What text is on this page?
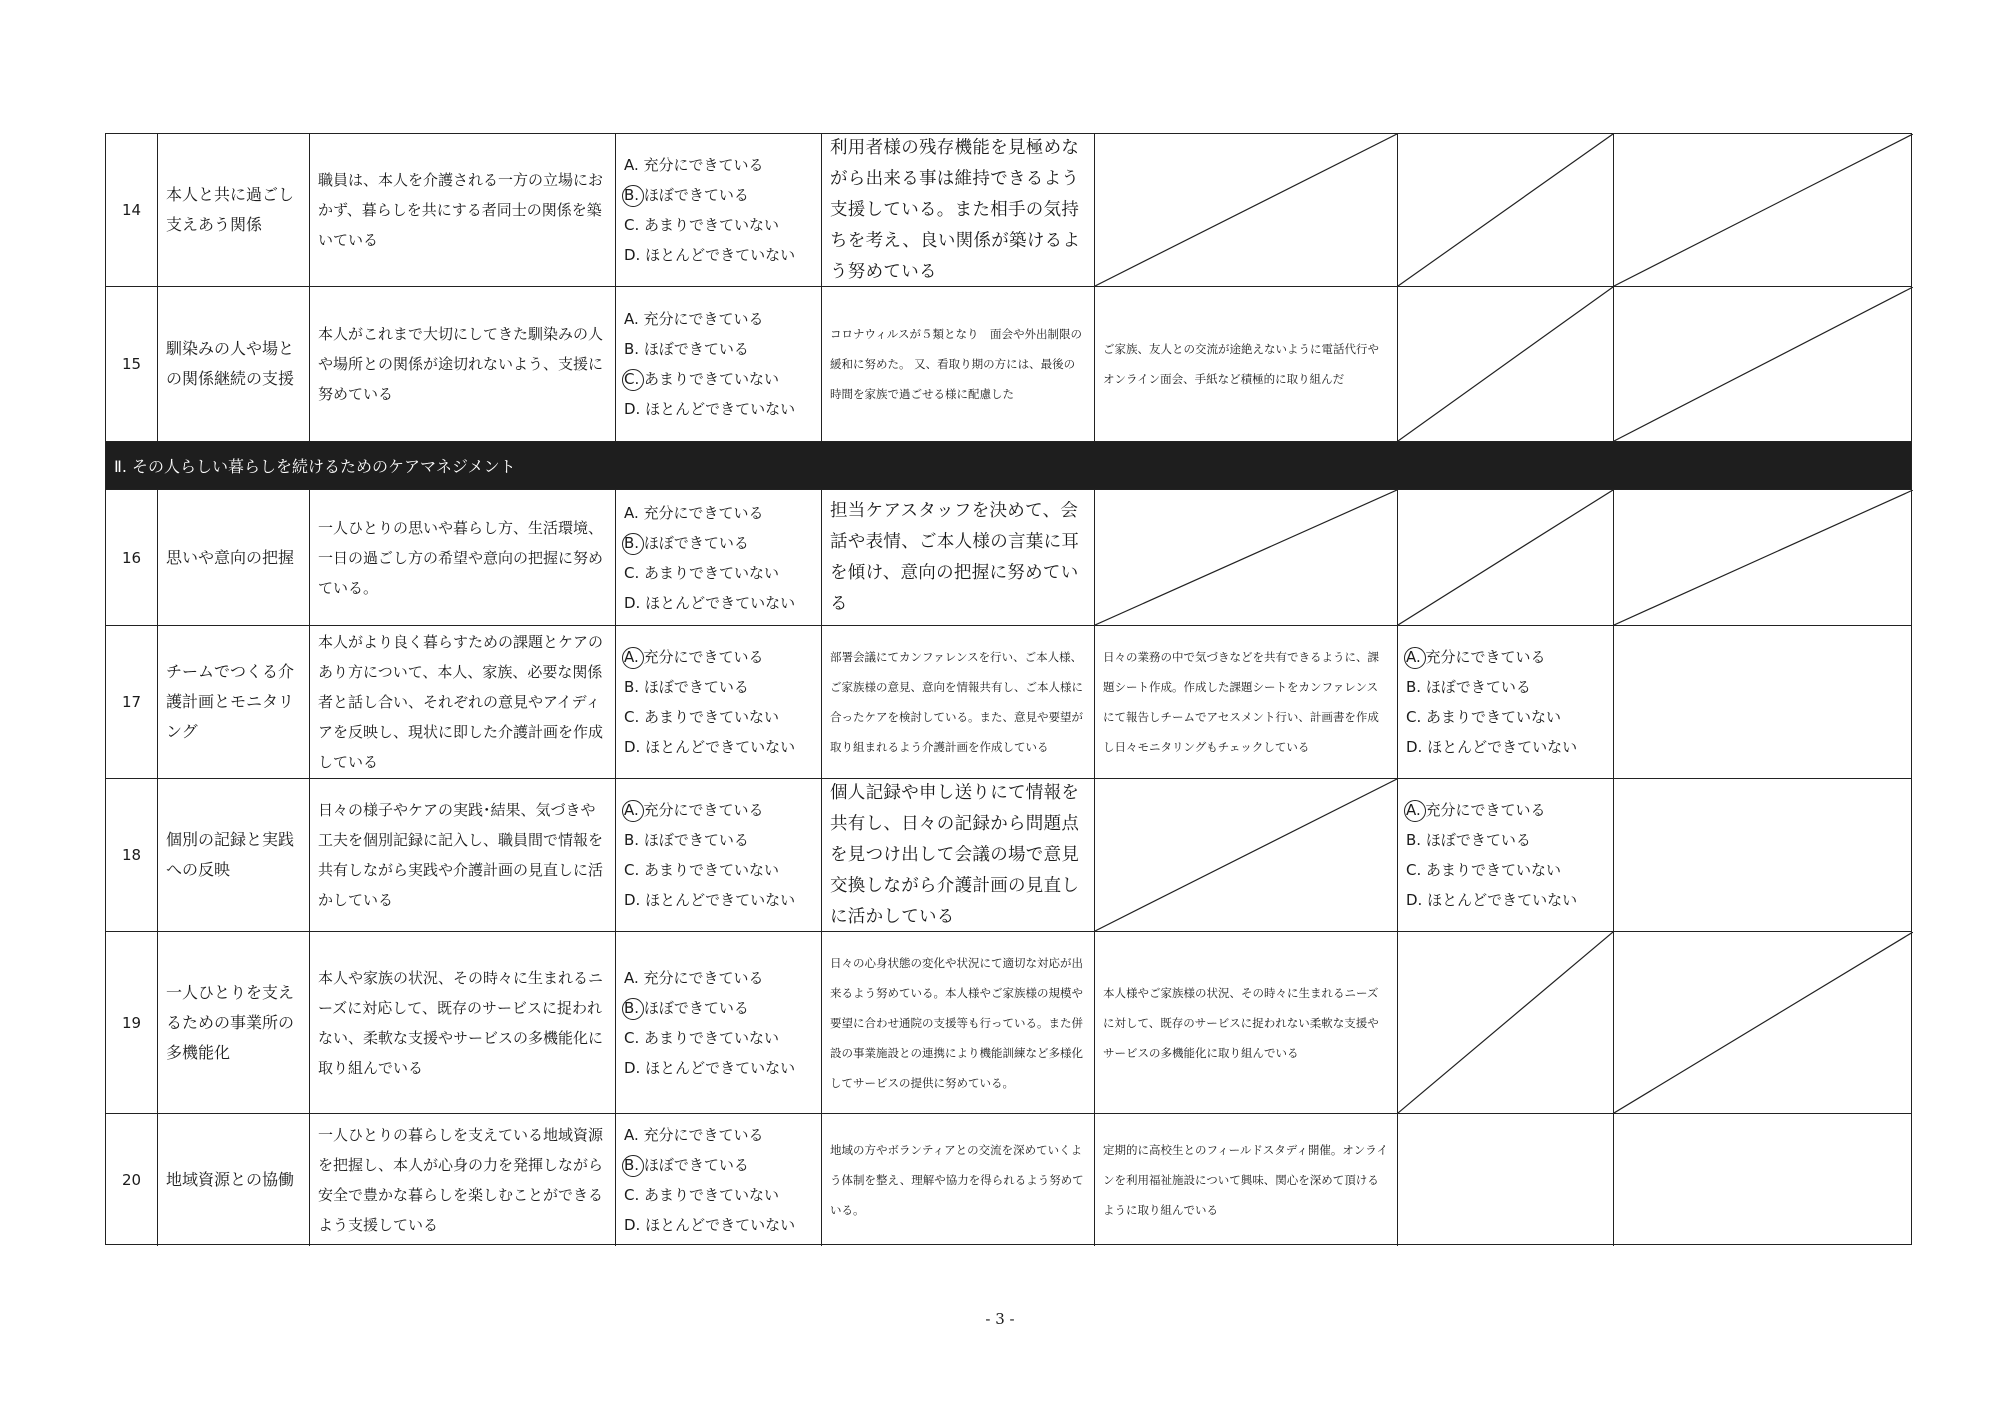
14
本人と共に過ごし支えあう関係
職員は、本人を介護される一方の立場におかず、暮らしを共にする者同士の関係を築いている
A. 充分にできている
B. ほぼできている
C. あまりできていない
D. ほとんどできていない
利用者様の残存機能を見極めながら出来る事は維持できるよう支援している。また相手の気持ちを考え、良い関係が築けるよう努めている
15
馴染みの人や場との関係継続の支援
本人がこれまで大切にしてきた馴染みの人や場所との関係が途切れないよう、支援に努めている
A. 充分にできている
B. ほぼできている
C. あまりできていない
D. ほとんどできていない
コロナウィルスが５類となり　面会や外出制限の緩和に努めた。 又、看取り期の方には、最後の時間を家族で過ごせる様に配慮した
ご家族、友人との交流が途絶えないように電話代行やオンライン面会、手紙など積極的に取り組んだ
Ⅱ. その人らしい暮らしを続けるためのケアマネジメント
16	思いや意向の把握
一人ひとりの思いや暮らし方、生活環境、一日の過ごし方の希望や意向の把握に努めている。
A. 充分にできている
B. ほぼできている
C. あまりできていない
D. ほとんどできていない
担当ケアスタッフを決めて、会話や表情、ご本人様の言葉に耳を傾け、意向の把握に努めている
17
チームでつくる介護計画とモニタリング
本人がより良く暮らすための課題とケアのあり方について、本人、家族、必要な関係者と話し合い、それぞれの意見やアイディアを反映し、現状に即した介護計画を作成している
A. 充分にできている
B. ほぼできている
C. あまりできていない
D. ほとんどできていない
部署会議にてカンファレンスを行い、ご本人様、ご家族様の意見、意向を情報共有し、ご本人様に合ったケアを検討している。また、意見や要望が取り組まれるよう介護計画を作成している
日々の業務の中で気づきなどを共有できるように、課題シート作成。作成した課題シートをカンファレンスにて報告しチームでアセスメント行い、計画書を作成し日々モニタリングもチェックしている
A. 充分にできている
B. ほぼできている
C. あまりできていない
D. ほとんどできていない
18
個別の記録と実践への反映
日々の様子やケアの実践･結果、気づきや工夫を個別記録に記入し、職員間で情報を共有しながら実践や介護計画の見直しに活かしている
A. 充分にできている
B. ほぼできている
C. あまりできていない
D. ほとんどできていない
個人記録や申し送りにて情報を共有し、日々の記録から問題点を見つけ出して会議の場で意見交換しながら介護計画の見直しに活かしている
A. 充分にできている
B. ほぼできている
C. あまりできていない
D. ほとんどできていない
19
一人ひとりを支えるための事業所の多機能化
本人や家族の状況、その時々に生まれるニーズに対応して、既存のサービスに捉われない、柔軟な支援やサービスの多機能化に取り組んでいる
A. 充分にできている
B. ほぼできている
C. あまりできていない
D. ほとんどできていない
日々の心身状態の変化や状況にて適切な対応が出来るよう努めている。本人様やご家族様の規模や要望に合わせ通院の支援等も行っている。また併設の事業施設との連携により機能訓練など多様化してサービスの提供に努めている。
本人様やご家族様の状況、その時々に生まれるニーズに対して、既存のサービスに捉われない柔軟な支援やサービスの多機能化に取り組んでいる
20	地域資源との協働
一人ひとりの暮らしを支えている地域資源を把握し、本人が心身の力を発揮しながら安全で豊かな暮らしを楽しむことができるよう支援している
A. 充分にできている
B. ほぼできている
C. あまりできていない
D. ほとんどできていない
地域の方やボランティアとの交流を深めていくよう体制を整え、理解や協力を得られるよう努めている。
定期的に高校生とのフィールドスタディ開催。オンラインを利用福祉施設について興味、関心を深めて頂けるように取り組んでいる
- 3 -
